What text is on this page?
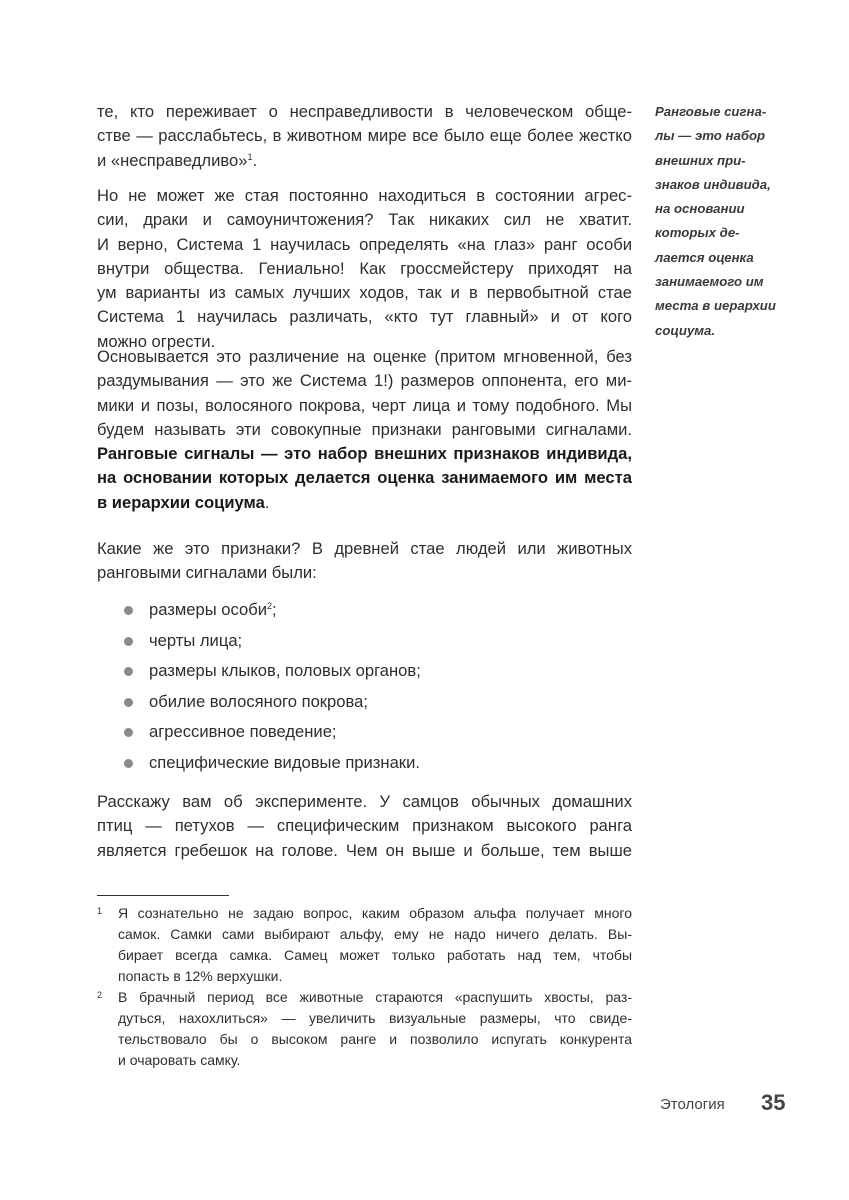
те, кто переживает о несправедливости в человеческом обще-
стве — расслабьтесь, в животном мире все было еще более жестко
и «несправедливо»$^1$.
Но не может же стая постоянно находиться в состоянии агрес-
сии, драки и самоуничтожения? Так никаких сил не хватит.
И верно, Система 1 научилась определять «на глаз» ранг особи
внутри общества. Гениально! Как гроссмейстеру приходят на
ум варианты из самых лучших ходов, так и в первобытной стае
Система 1 научилась различать, «кто тут главный» и от кого
можно огрести.
Основывается это различение на оценке (притом мгновенной, без
раздумывания — это же Система 1!) размеров оппонента, его ми-
мики и позы, волосяного покрова, черт лица и тому подобного. Мы
будем называть эти совокупные признаки ранговыми сигналами.
Ранговые сигналы — это набор внешних признаков индивида,
на основании которых делается оценка занимаемого им места
в иерархии социума.
Какие же это признаки? В древней стае людей или животных
ранговыми сигналами были:
размеры особи$^2$;
черты лица;
размеры клыков, половых органов;
обилие волосяного покрова;
агрессивное поведение;
специфические видовые признаки.
Расскажу вам об эксперименте. У самцов обычных домашних
птиц — петухов — специфическим признаком высокого ранга
является гребешок на голове. Чем он выше и больше, тем выше
Ранговые сигна-
лы — это набор
внешних при-
знаков индивида,
на основании
которых де-
лается оценка
занимаемого им
места в иерархии
социума.
1 Я сознательно не задаю вопрос, каким образом альфа получает много
самок. Самки сами выбирают альфу, ему не надо ничего делать. Вы-
бирает всегда самка. Самец может только работать над тем, чтобы
попасть в 12% верхушки.
2 В брачный период все животные стараются «распушить хвосты, раз-
дуться, нахохлиться» — увеличить визуальные размеры, что свиде-
тельствовало бы о высоком ранге и позволило испугать конкурента
и очаровать самку.
Этология 35
